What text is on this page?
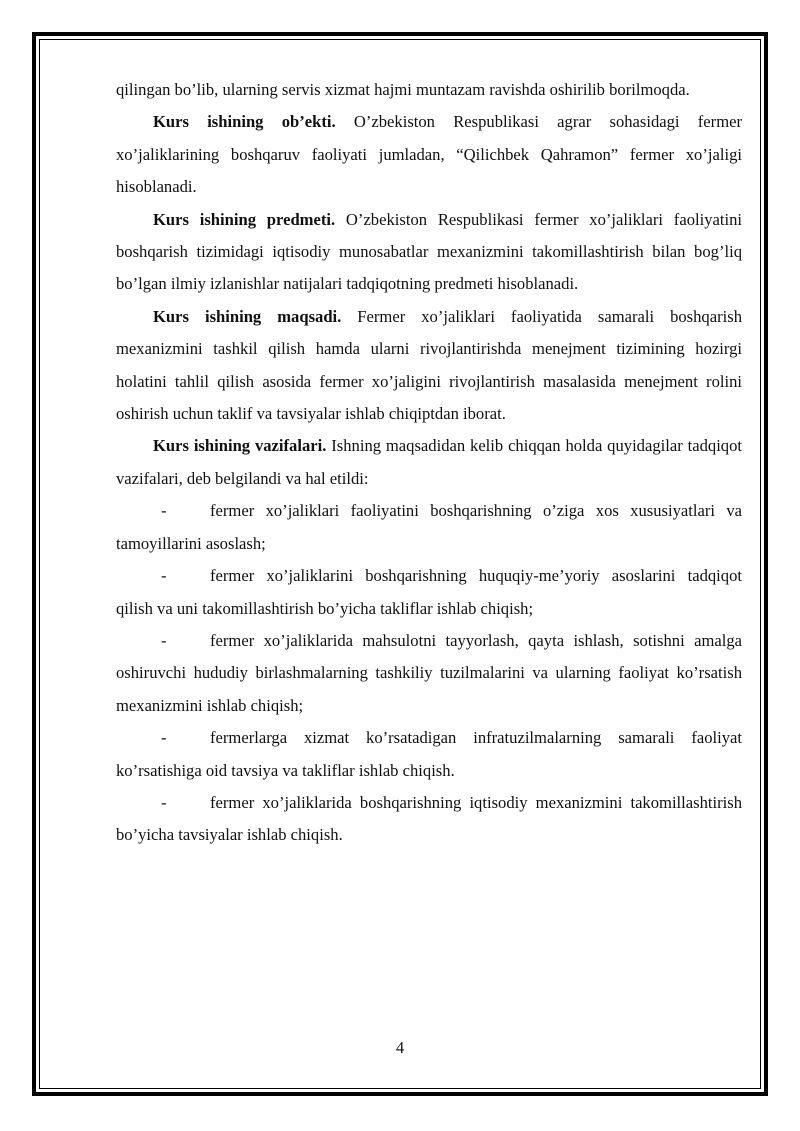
qilingan bo’lib, ularning servis xizmat hajmi muntazam ravishda oshirilib borilmoqda.

Kurs ishining ob’ekti. O’zbekiston Respublikasi agrar sohasidagi fermer xo’jaliklarining boshqaruv faoliyati jumladan, “Qilichbek Qahramon” fermer xo’jaligi hisoblanadi.

Kurs ishining predmeti. O’zbekiston Respublikasi fermer xo’jaliklari faoliyatini boshqarish tizimidagi iqtisodiy munosabatlar mexanizmini takomillashtirish bilan bog’liq bo’lgan ilmiy izlanishlar natijalari tadqiqotning predmeti hisoblanadi.

Kurs ishining maqsadi. Fermer xo’jaliklari faoliyatida samarali boshqarish mexanizmini tashkil qilish hamda ularni rivojlantirishda menejment tizimining hozirgi holatini tahlil qilish asosida fermer xo’jaligini rivojlantirish masalasida menejment rolini oshirish uchun taklif va tavsiyalar ishlab chiqiptdan iborat.

Kurs ishining vazifalari. Ishning maqsadidan kelib chiqqan holda quyidagilar tadqiqot vazifalari, deb belgilandi va hal etildi:

-	fermer xo’jaliklari faoliyatini boshqarishning o’ziga xos xususiyatlari va tamoyillarini asoslash;

-	fermer xo’jaliklarini boshqarishning huquqiy-me’yoriy asoslarini tadqiqot qilish va uni takomillashtirish bo’yicha takliflar ishlab chiqish;

-	fermer xo’jaliklarida mahsulotni tayyorlash, qayta ishlash, sotishni amalga oshiruvchi hududiy birlashmalarning tashkiliy tuzilmalarini va ularning faoliyat ko’rsatish mexanizmini ishlab chiqish;

-	fermerlarga xizmat ko’rsatadigan infratuzilmalarning samarali faoliyat ko’rsatishiga oid tavsiya va takliflar ishlab chiqish.

-	fermer xo’jaliklarida boshqarishning iqtisodiy mexanizmini takomillashtirish bo’yicha tavsiyalar ishlab chiqish.

4
